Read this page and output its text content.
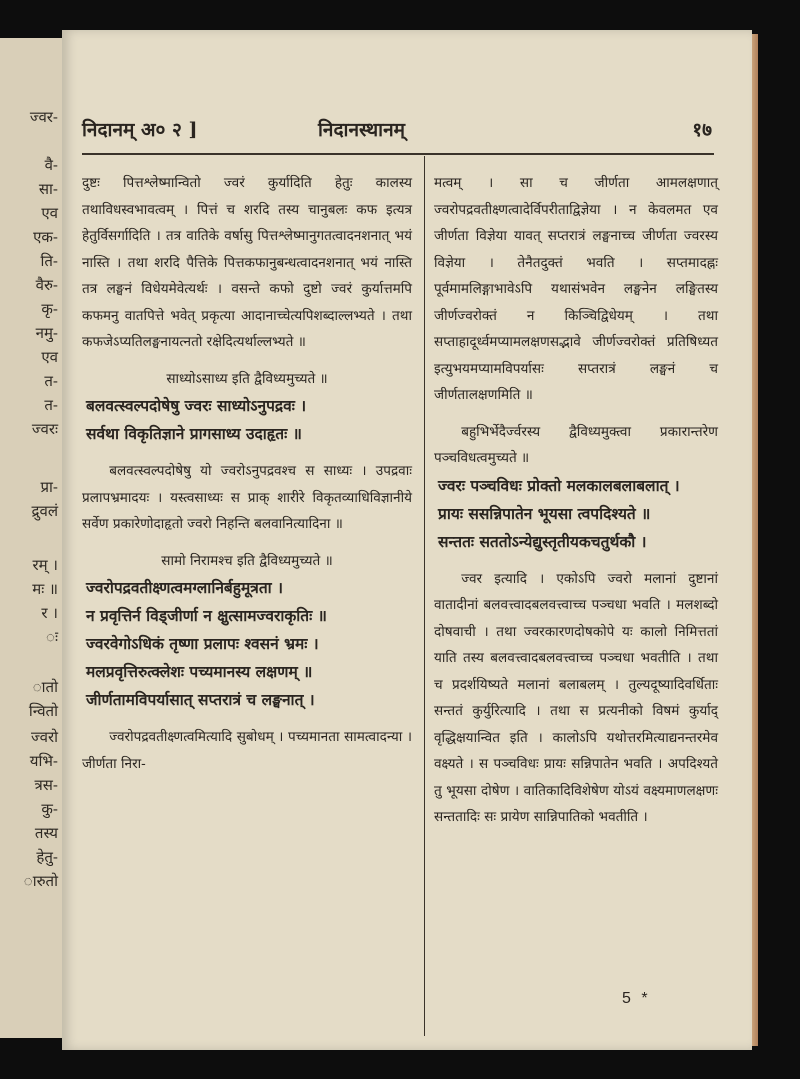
ज्वर-
वै-
सा-
एव
एक-
ति-
वैरु-
कृ-
नमु-
एव
त-
त-
ज्वरः
प्रा-
द्रुवलं
रम् ।
मः ॥
र ।
ः
ातो
न्वितो
ज्वरो
यभि-
त्रस-
कु-
तस्य
हेतु-
ारुतो
निदानम् अ० २ ]	निदानस्थानम्	१७

दुष्टः पित्तश्लेष्मान्वितो ज्वरं कुर्यादिति हेतुः कालस्य तथाविधस्वभावत्वम् । पित्तं च शरदि तस्य चानुबलः कफ इत्यत्र हेतुर्विसर्गादिति । तत्र वातिके वर्षासु पित्तश्लेष्मानुगतत्वादनशनात् भयं नास्ति । तथा शरदि पैत्तिके पित्तकफानुबन्धत्वादनशनात् भयं नास्ति तत्र लङ्घनं विधेयमेवेत्यर्थः । वसन्ते कफो दुष्टो ज्वरं कुर्यात्तमपि कफमनु वातपित्ते भवेत् प्रकृत्या आदानाच्चेत्यपिशब्दाल्लभ्यते । तथा कफजेऽप्यतिलङ्घनायत्नतो रक्षेदित्यर्थाल्लभ्यते ॥

साध्योऽसाध्य इति द्वैविध्यमुच्यते ॥

बलवत्स्वल्पदोषेषु ज्वरः साध्योऽनुपद्रवः ।

सर्वथा विकृतिज्ञाने प्रागसाध्य उदाहृतः ॥

बलवत्स्वल्पदोषेषु यो ज्वरोऽनुपद्रवश्च स साध्यः । उपद्रवाः प्रलापभ्रमादयः । यस्त्वसाध्यः स प्राक् शारीरे विकृतव्याधिविज्ञानीये सर्वेण प्रकारेणोदाहृतो ज्वरो निहन्ति बलवानित्यादिना ॥

सामो निरामश्च इति द्वैविध्यमुच्यते ॥

ज्वरोपद्रवतीक्ष्णत्वमग्लानिर्बहुमूत्रता ।

न प्रवृत्तिर्न विड्जीर्णा न क्षुत्सामज्वराकृतिः ॥

ज्वरवेगोऽधिकं तृष्णा प्रलापः श्वसनं भ्रमः ।

मलप्रवृत्तिरुत्क्लेशः पच्यमानस्य लक्षणम् ॥

जीर्णतामविपर्यासात् सप्तरात्रं च लङ्घनात् ।

ज्वरोपद्रवतीक्ष्णत्वमित्यादि सुबोधम् । पच्यमानता सामत्वादन्या । जीर्णता निरा-

मत्वम् । सा च जीर्णता आमलक्षणात् ज्वरोपद्रवतीक्ष्णत्वादेर्विपरीताद्विज्ञेया । न केवलमत एव जीर्णता विज्ञेया यावत् सप्तरात्रं लङ्घनाच्च जीर्णता ज्वरस्य विज्ञेया । तेनैतदुक्तं भवति । सप्तमादह्नः पूर्वमामलिङ्गाभावेऽपि यथासंभवेन लङ्घनेन लङ्घितस्य जीर्णज्वरोक्तं न किञ्चिद्विधेयम् । तथा सप्ताहादूर्ध्वमप्यामलक्षणसद्भावे जीर्णज्वरोक्तं प्रतिषिध्यत इत्युभयमप्यामविपर्यासः सप्तरात्रं लङ्घनं च जीर्णतालक्षणमिति ॥

बहुभिर्भेदैर्ज्वरस्य द्वैविध्यमुक्त्वा प्रकारान्तरेण पञ्चविधत्वमुच्यते ॥

ज्वरः पञ्चविधः प्रोक्तो मलकालबलाबलात् ।

प्रायः ससन्निपातेन भूयसा त्वपदिश्यते ॥

सन्ततः सततोऽन्येद्युस्तृतीयकचतुर्थकौ ।

ज्वर इत्यादि । एकोऽपि ज्वरो मलानां दुष्टानां वातादीनां बलवत्त्वादबलवत्त्वाच्च पञ्चधा भवति । मलशब्दो दोषवाची । तथा ज्वरकारणदोषकोपे यः कालो निमित्ततां याति तस्य बलवत्त्वादबलवत्त्वाच्च पञ्चधा भवतीति । तथा च प्रदर्शयिष्यते मलानां बलाबलम् । तुल्यदूष्यादिवर्धिताः सन्ततं कुर्युरित्यादि । तथा स प्रत्यनीको विषमं कुर्याद् वृद्धिक्षयान्वित इति । कालोऽपि यथोत्तरमित्याद्यनन्तरमेव वक्ष्यते । स पञ्चविधः प्रायः सन्निपातेन भवति । अपदिश्यते तु भूयसा दोषेण । वातिकादिविशेषेण योऽयं वक्ष्यमाणलक्षणः सन्ततादिः सः प्रायेण सान्निपातिको भवतीति ।

5 *
